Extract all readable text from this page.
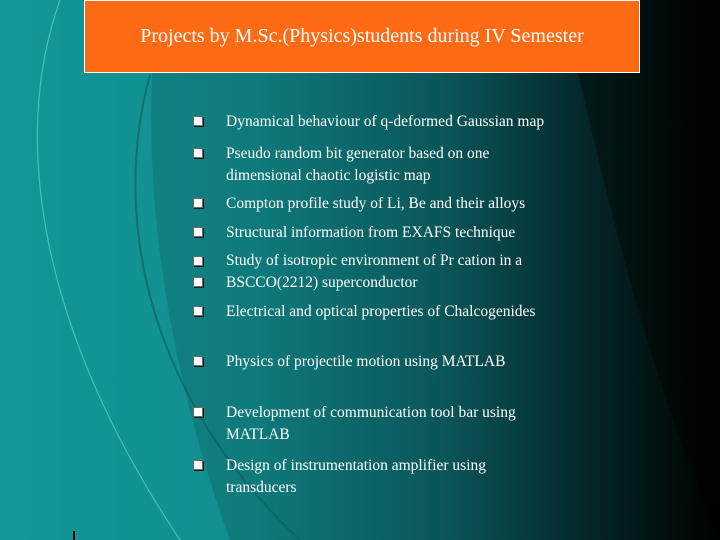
Projects by M.Sc.(Physics)students during IV Semester
Dynamical behaviour of q-deformed Gaussian map
Pseudo random bit generator based on one dimensional chaotic logistic map
Compton profile study of Li, Be and their alloys
Structural information from EXAFS technique
Study of isotropic environment of Pr cation in a BSCCO(2212) superconductor
Electrical and optical properties of Chalcogenides
Physics of projectile motion using MATLAB
Development of communication tool bar using MATLAB
Design of instrumentation amplifier using transducers
